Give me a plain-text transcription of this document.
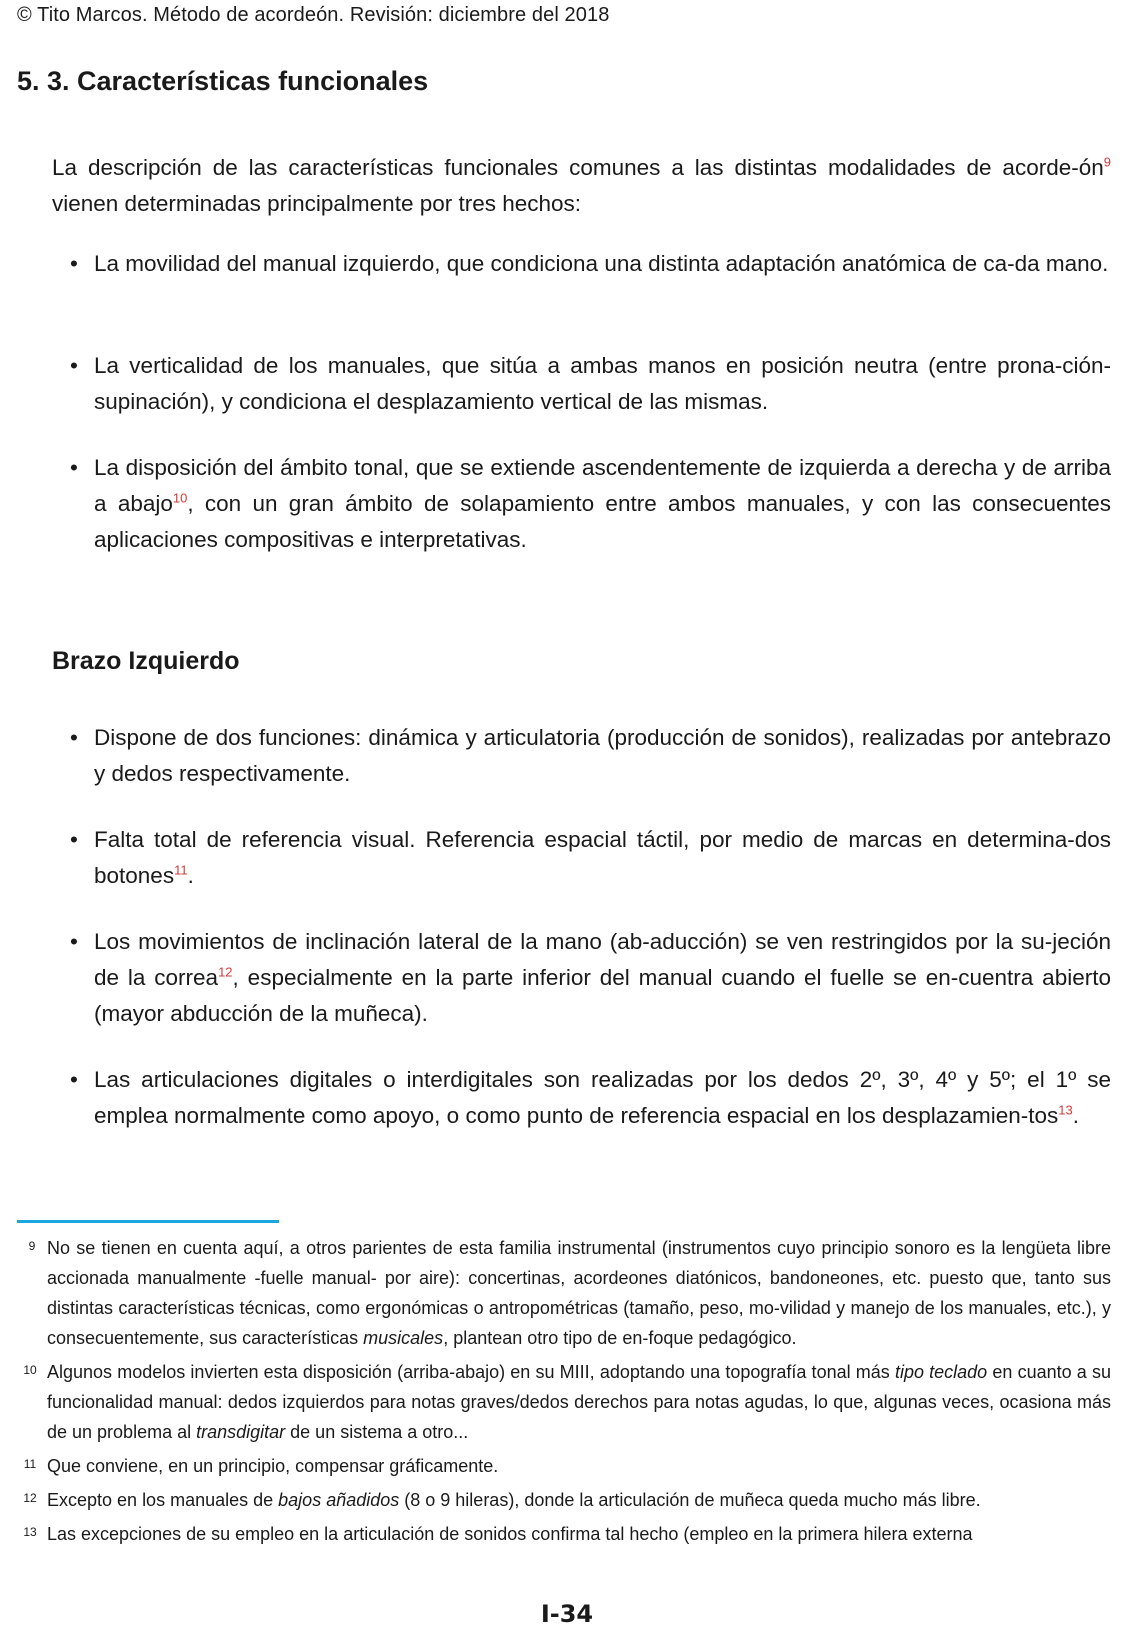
© Tito Marcos. Método de acordeón. Revisión: diciembre del 2018
5. 3. Características funcionales
La descripción de las características funcionales comunes a las distintas modalidades de acorde-ón$^9$ vienen determinadas principalmente por tres hechos:
• La movilidad del manual izquierdo, que condiciona una distinta adaptación anatómica de ca-da mano.
• La verticalidad de los manuales, que sitúa a ambas manos en posición neutra (entre prona-ción-supinación), y condiciona el desplazamiento vertical de las mismas.
• La disposición del ámbito tonal, que se extiende ascendentemente de izquierda a derecha y de arriba a abajo$^{10}$, con un gran ámbito de solapamiento entre ambos manuales, y con las consecuentes aplicaciones compositivas e interpretativas.
Brazo Izquierdo
• Dispone de dos funciones: dinámica y articulatoria (producción de sonidos), realizadas por antebrazo y dedos respectivamente.
• Falta total de referencia visual. Referencia espacial táctil, por medio de marcas en determina-dos botones$^{11}$.
• Los movimientos de inclinación lateral de la mano (ab-aducción) se ven restringidos por la su-jeción de la correa$^{12}$, especialmente en la parte inferior del manual cuando el fuelle se en-cuentra abierto (mayor abducción de la muñeca).
• Las articulaciones digitales o interdigitales son realizadas por los dedos 2º, 3º, 4º y 5º; el 1º se emplea normalmente como apoyo, o como punto de referencia espacial en los desplazamien-tos$^{13}$.
9 No se tienen en cuenta aquí, a otros parientes de esta familia instrumental (instrumentos cuyo principio sonoro es la lengüeta libre accionada manualmente -fuelle manual- por aire): concertinas, acordeones diatónicos, bandoneones, etc. puesto que, tanto sus distintas características técnicas, como ergonómicas o antropométricas (tamaño, peso, mo-vilidad y manejo de los manuales, etc.), y consecuentemente, sus características musicales, plantean otro tipo de en-foque pedagógico.
10 Algunos modelos invierten esta disposición (arriba-abajo) en su MIII, adoptando una topografía tonal más tipo teclado en cuanto a su funcionalidad manual: dedos izquierdos para notas graves/dedos derechos para notas agudas, lo que, algunas veces, ocasiona más de un problema al transdigitar de un sistema a otro...
11 Que conviene, en un principio, compensar gráficamente.
12 Excepto en los manuales de bajos añadidos (8 o 9 hileras), donde la articulación de muñeca queda mucho más libre.
13 Las excepciones de su empleo en la articulación de sonidos confirma tal hecho (empleo en la primera hilera externa
I-34
